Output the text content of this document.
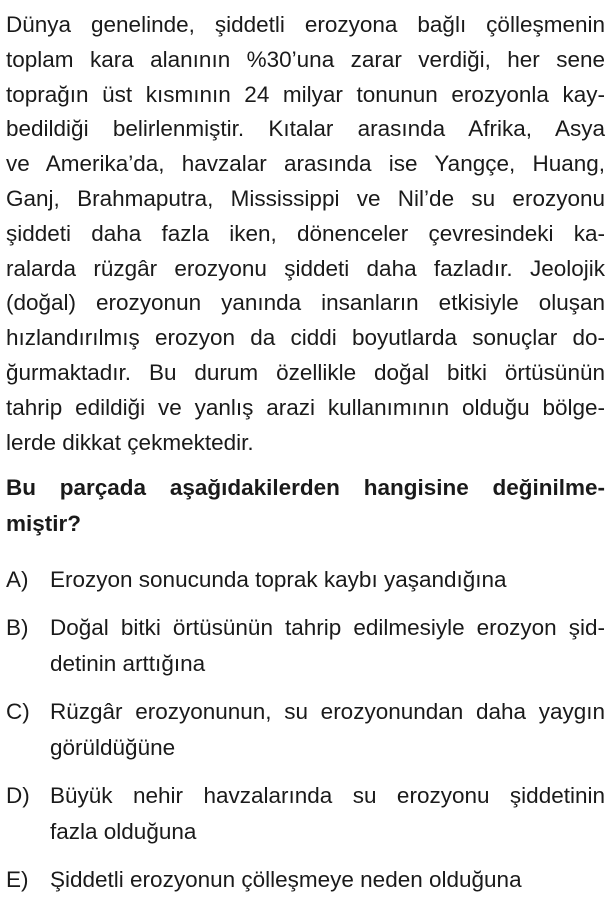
Dünya genelinde, şiddetli erozyona bağlı çölleşmenin
toplam kara alanının %30’una zarar verdiği, her sene
toprağın üst kısmının 24 milyar tonunun erozyonla kay-
bedildiği belirlenmiştir. Kıtalar arasında Afrika, Asya
ve Amerika’da, havzalar arasında ise Yangçe, Huang,
Ganj, Brahmaputra, Mississippi ve Nil’de su erozyonu
şiddeti daha fazla iken, dönenceler çevresindeki ka-
ralarda rüzgâr erozyonu şiddeti daha fazladır. Jeolojik
(doğal) erozyonun yanında insanların etkisiyle oluşan
hızlandırılmış erozyon da ciddi boyutlarda sonuçlar do-
ğurmaktadır. Bu durum özellikle doğal bitki örtüsünün
tahrip edildiği ve yanlış arazi kullanımının olduğu bölge-
lerde dikkat çekmektedir.
Bu parçada aşağıdakilerden hangisine değinilme-
miştir?
A) Erozyon sonucunda toprak kaybı yaşandığına
B) Doğal bitki örtüsünün tahrip edilmesiyle erozyon şid-
detinin arttığına
C) Rüzgâr erozyonunun, su erozyonundan daha yaygın
görüldüğüne
D) Büyük nehir havzalarında su erozyonu şiddetinin
fazla olduğuna
E) Şiddetli erozyonun çölleşmeye neden olduğuna
